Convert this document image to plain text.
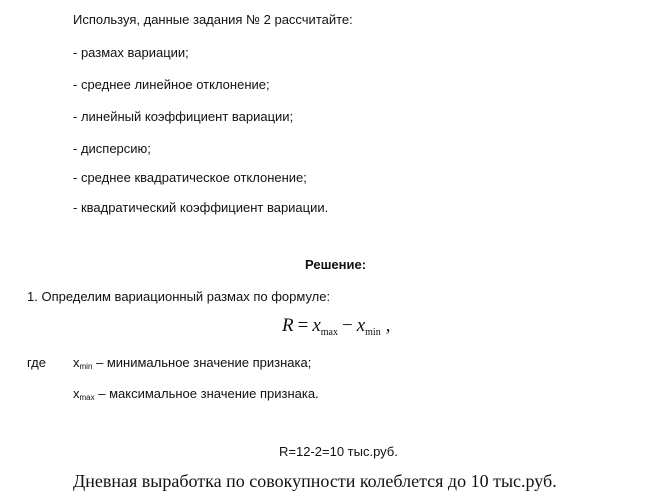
Используя, данные задания № 2 рассчитайте:
- размах вариации;
- среднее линейное отклонение;
- линейный коэффициент вариации;
- дисперсию;
- среднее квадратическое отклонение;
- квадратический коэффициент вариации.
Решение:
1. Определим вариационный размах по формуле:
$R = x_{max} - x_{min}$ ,
где xmin – минимальное значение признака;
xmax – максимальное значение признака.
R=12-2=10 тыс.руб.
Дневная выработка по совокупности колеблется до 10 тыс.руб.
